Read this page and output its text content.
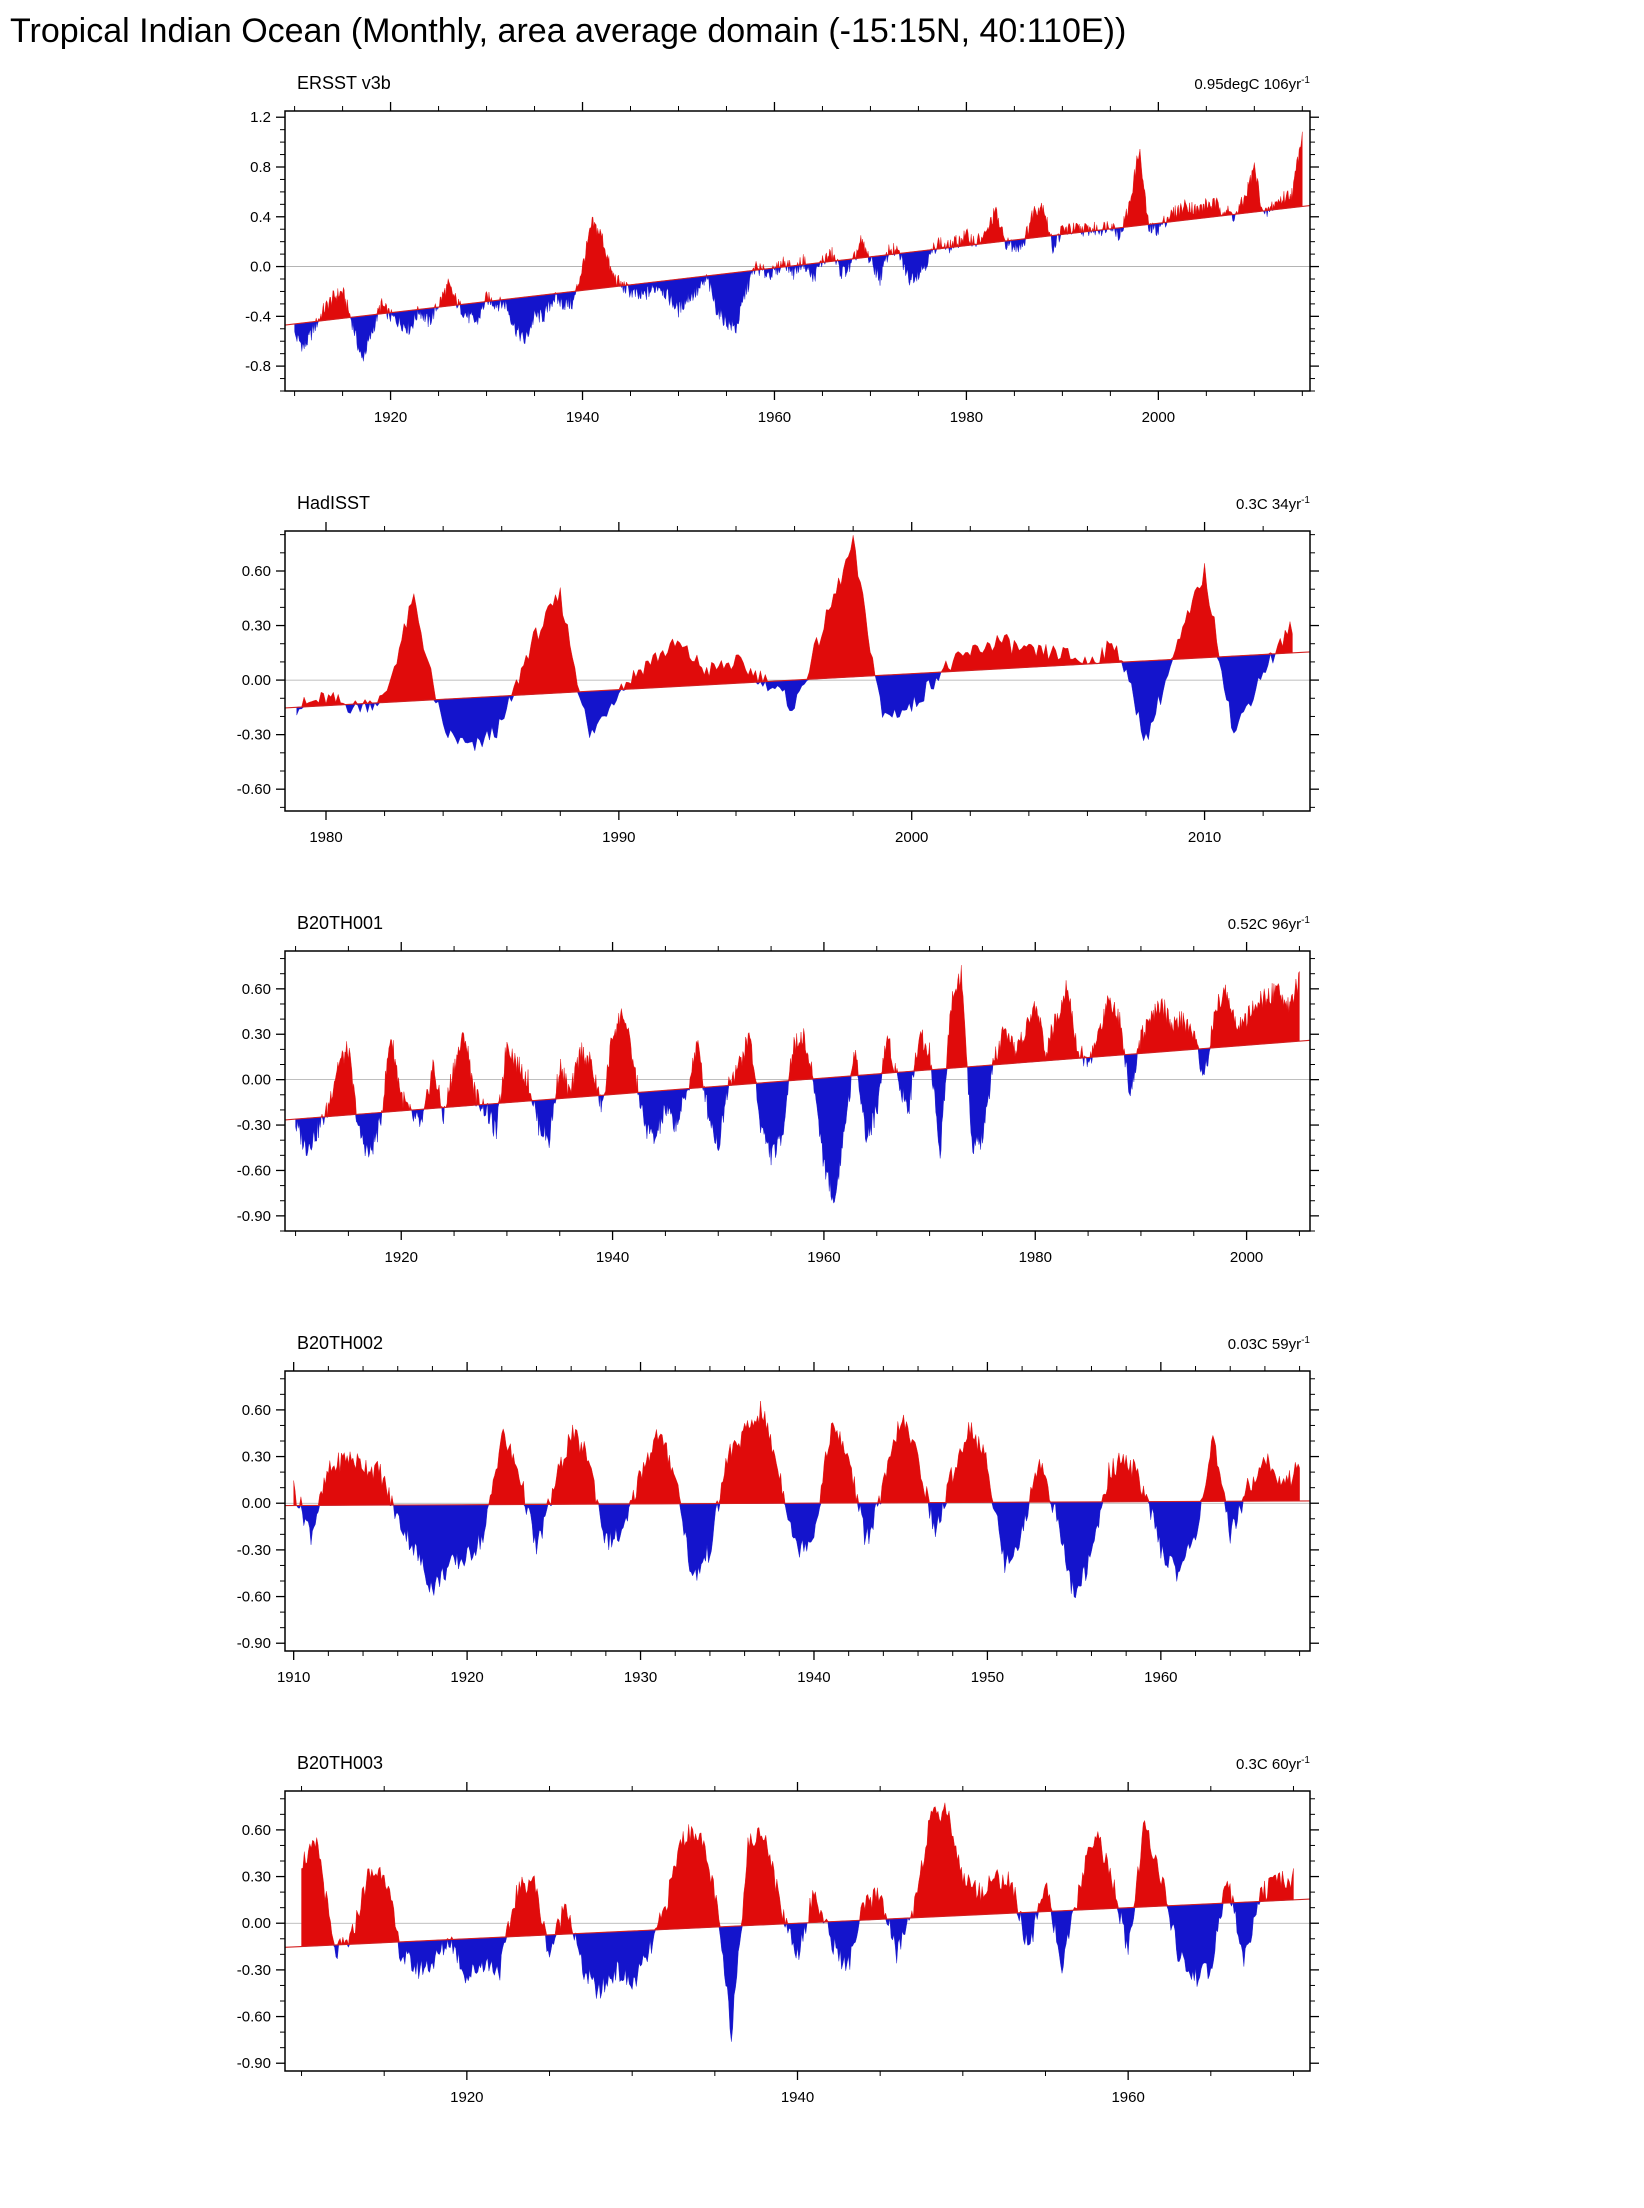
Tropical Indian Ocean (Monthly, area average domain (-15:15N, 40:110E))
1920	1940	1960	1980	2000
-0.8
-0.4
0.0
0.4
0.8
1.2
ERSST v3b	0.95degC $106yr^{-1}$
1980	1990	2000	2010
-0.60
-0.30
0.00
0.30
0.60
HadISST	0.3C $34yr^{-1}$
1920	1940	1960	1980	2000
-0.90
-0.60
-0.30
0.00
0.30
0.60
B20TH001	0.52C $96yr^{-1}$
1910	1920	1930	1940	1950	1960
-0.90
-0.60
-0.30
0.00
0.30
0.60
B20TH002	0.03C $59yr^{-1}$
1920	1940	1960
-0.90
-0.60
-0.30
0.00
0.30
0.60
B20TH003	0.3C $60yr^{-1}$
